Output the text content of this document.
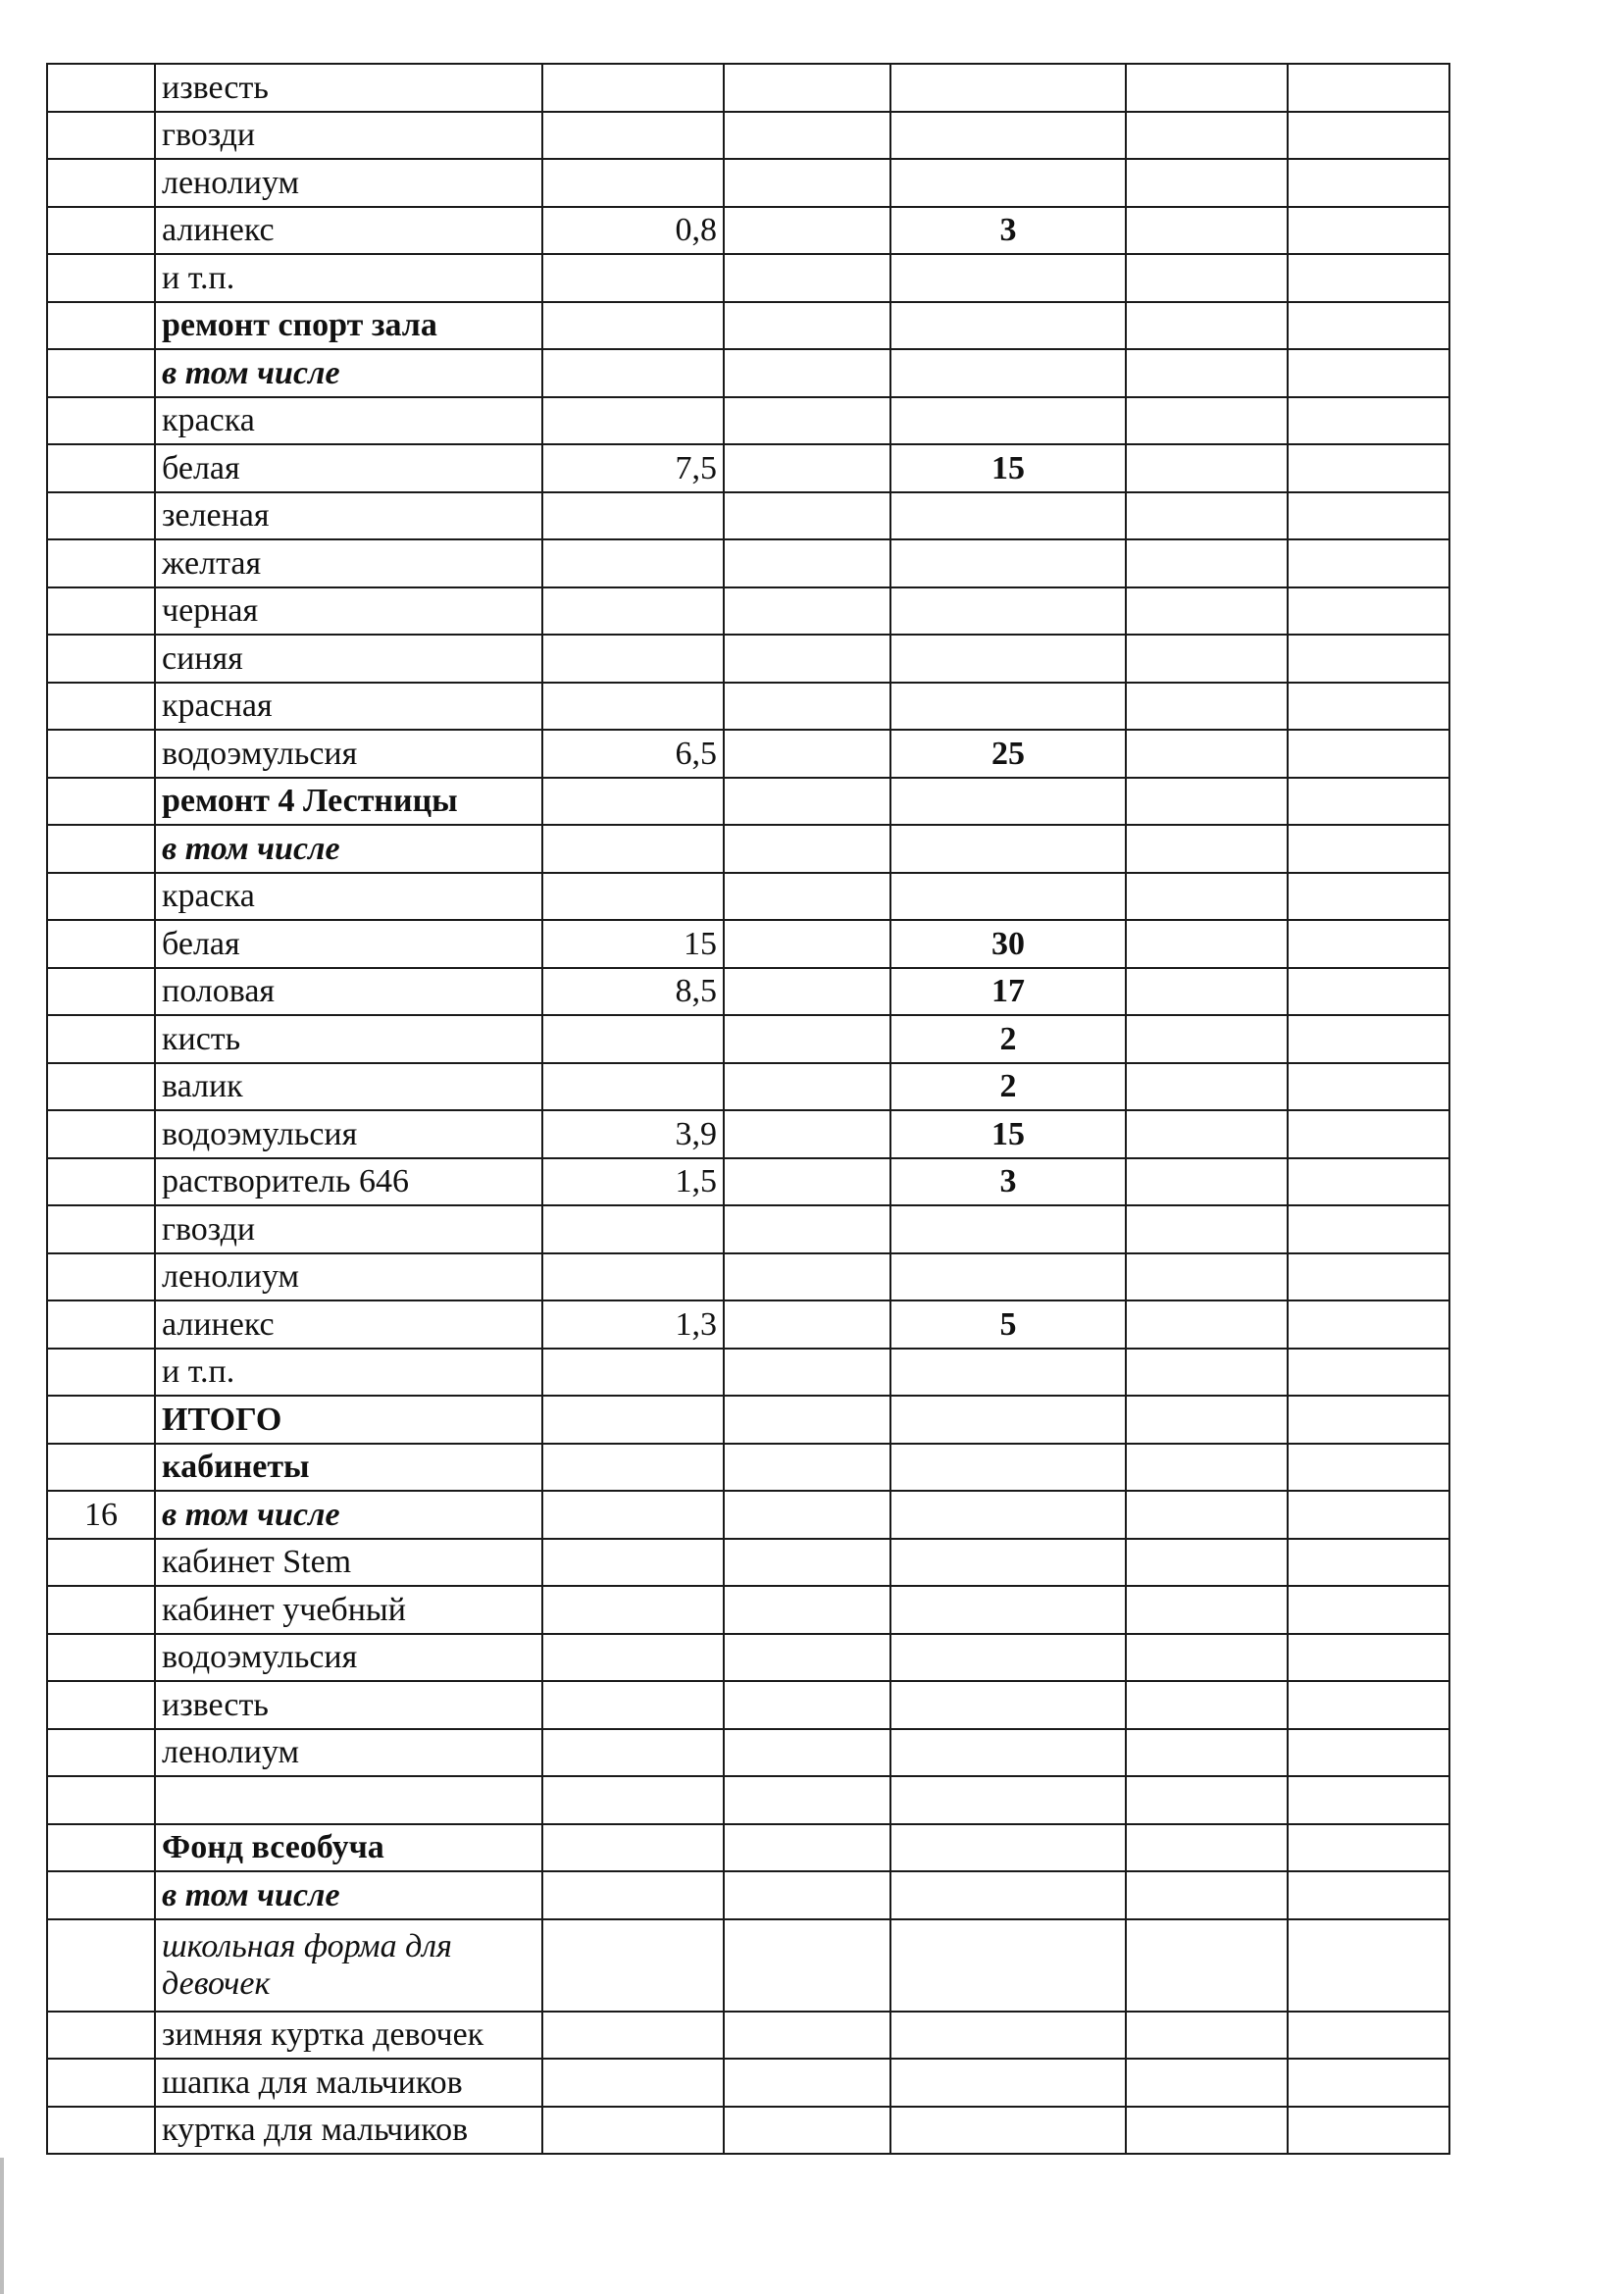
	известь					
	гвозди					
	ленолиум					
	алинекс	0,8		3		
	и т.п.					
	ремонт спорт зала					
	в том числе					
	краска					
	белая	7,5		15		
	зеленая					
	желтая					
	черная					
	синяя					
	красная					
	водоэмульсия	6,5		25		
	ремонт 4 Лестницы					
	в том числе					
	краска					
	белая	15		30		
	половая	8,5		17		
	кисть			2		
	валик			2		
	водоэмульсия	3,9		15		
	растворитель 646	1,5		3		
	гвозди					
	ленолиум					
	алинекс	1,3		5		
	и т.п.					
	ИТОГО					
	кабинеты					
16	в том числе					
	кабинет Stem					
	кабинет учебный					
	водоэмульсия					
	известь					
	ленолиум					

	Фонд всеобуча					
	в том числе					
	школьная форма для девочек					
	зимняя куртка девочек					
	шапка для мальчиков					
	куртка для мальчиков					
